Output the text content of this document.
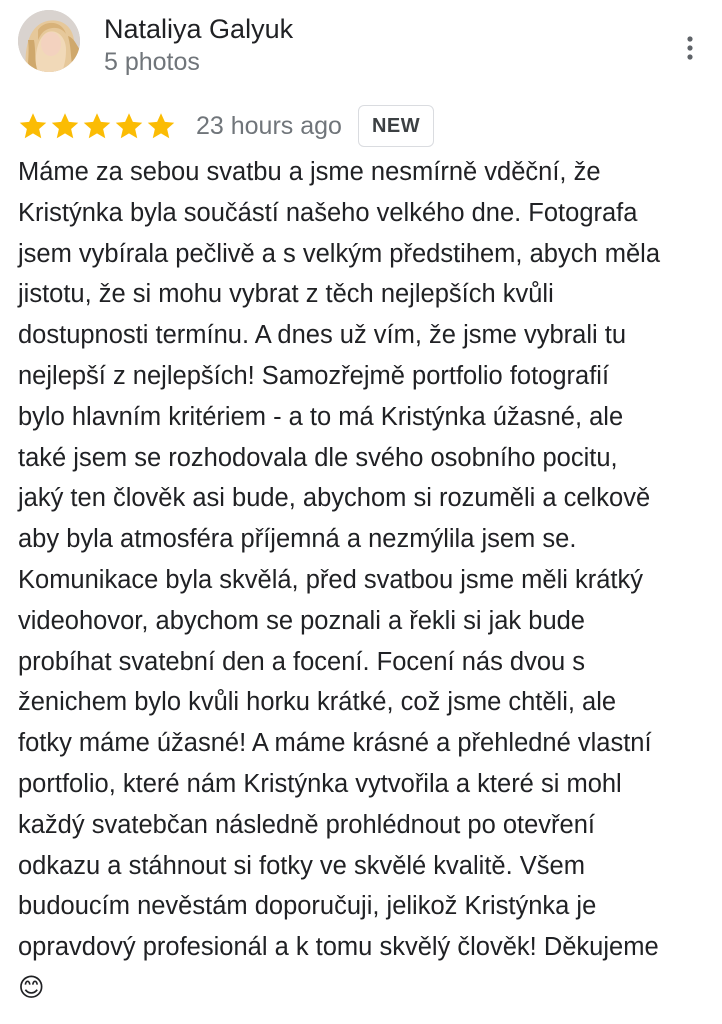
Nataliya Galyuk
5 photos
23 hours ago	NEW

Máme za sebou svatbu a jsme nesmírně vděční, že
Kristýnka byla součástí našeho velkého dne. Fotografa
jsem vybírala pečlivě a s velkým předstihem, abych měla
jistotu, že si mohu vybrat z těch nejlepších kvůli
dostupnosti termínu. A dnes už vím, že jsme vybrali tu
nejlepší z nejlepších! Samozřejmě portfolio fotografií
bylo hlavním kritériem - a to má Kristýnka úžasné, ale
také jsem se rozhodovala dle svého osobního pocitu,
jaký ten člověk asi bude, abychom si rozuměli a celkově
aby byla atmosféra příjemná a nezmýlila jsem se.
Komunikace byla skvělá, před svatbou jsme měli krátký
videohovor, abychom se poznali a řekli si jak bude
probíhat svatební den a focení. Focení nás dvou s
ženichem bylo kvůli horku krátké, což jsme chtěli, ale
fotky máme úžasné! A máme krásné a přehledné vlastní
portfolio, které nám Kristýnka vytvořila a které si mohl
každý svatebčan následně prohlédnout po otevření
odkazu a stáhnout si fotky ve skvělé kvalitě. Všem
budoucím nevěstám doporučuji, jelikož Kristýnka je
opravdový profesionál a k tomu skvělý člověk! Děkujeme
😊
